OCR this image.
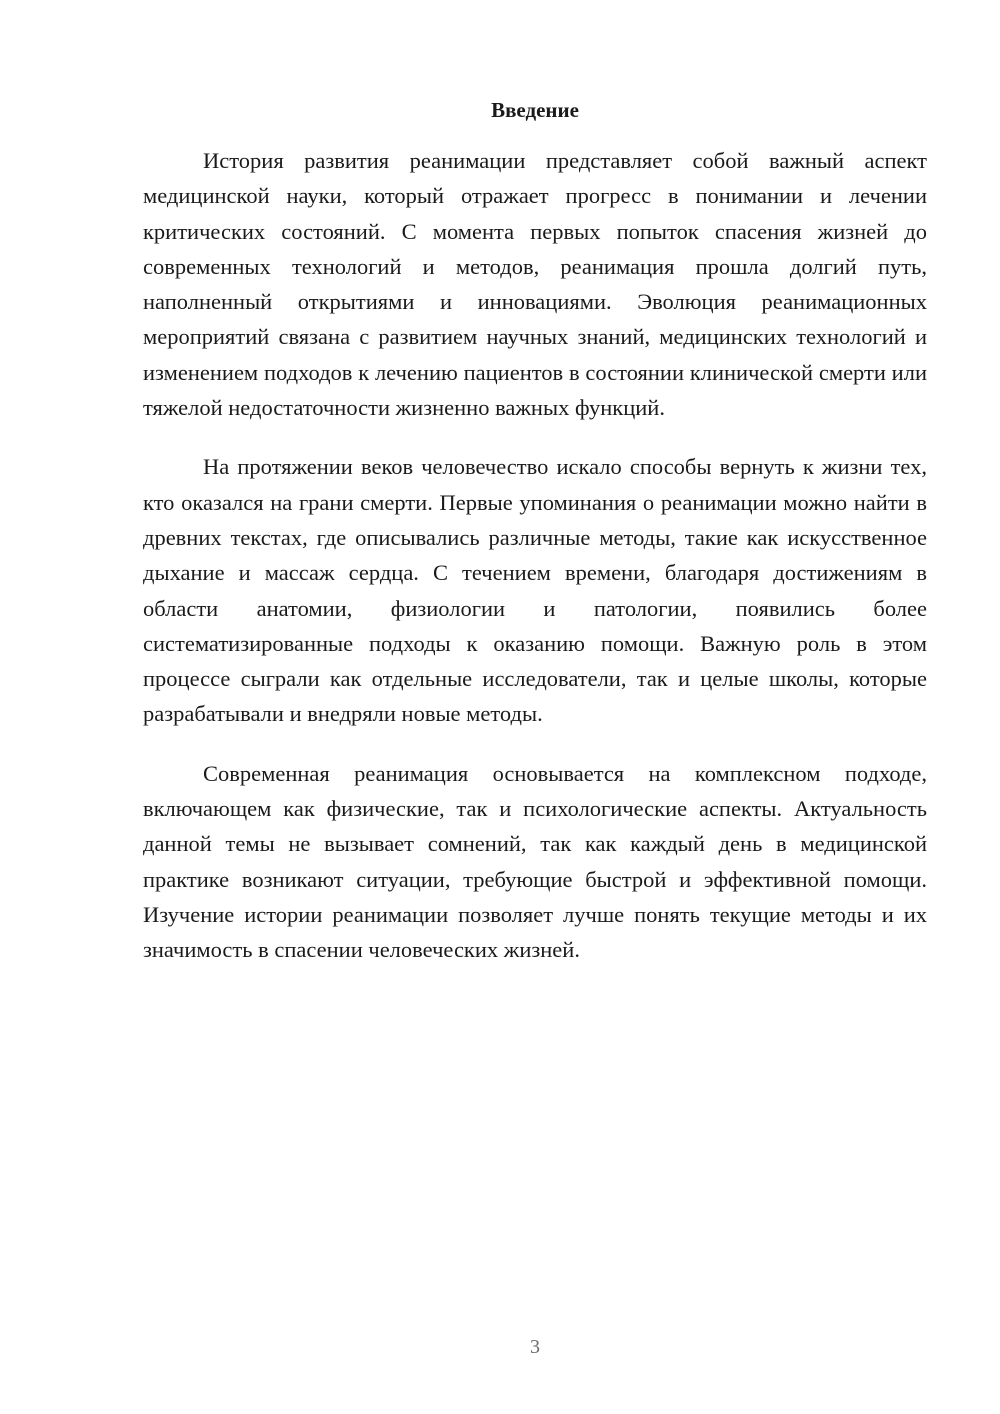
Введение

История развития реанимации представляет собой важный аспект медицинской науки, который отражает прогресс в понимании и лечении критических состояний. С момента первых попыток спасения жизней до современных технологий и методов, реанимация прошла долгий путь, наполненный открытиями и инновациями. Эволюция реанимационных мероприятий связана с развитием научных знаний, медицинских технологий и изменением подходов к лечению пациентов в состоянии клинической смерти или тяжелой недостаточности жизненно важных функций.

На протяжении веков человечество искало способы вернуть к жизни тех, кто оказался на грани смерти. Первые упоминания о реанимации можно найти в древних текстах, где описывались различные методы, такие как искусственное дыхание и массаж сердца. С течением времени, благодаря достижениям в области анатомии, физиологии и патологии, появились более систематизированные подходы к оказанию помощи. Важную роль в этом процессе сыграли как отдельные исследователи, так и целые школы, которые разрабатывали и внедряли новые методы.

Современная реанимация основывается на комплексном подходе, включающем как физические, так и психологические аспекты. Актуальность данной темы не вызывает сомнений, так как каждый день в медицинской практике возникают ситуации, требующие быстрой и эффективной помощи. Изучение истории реанимации позволяет лучше понять текущие методы и их значимость в спасении человеческих жизней.

3
